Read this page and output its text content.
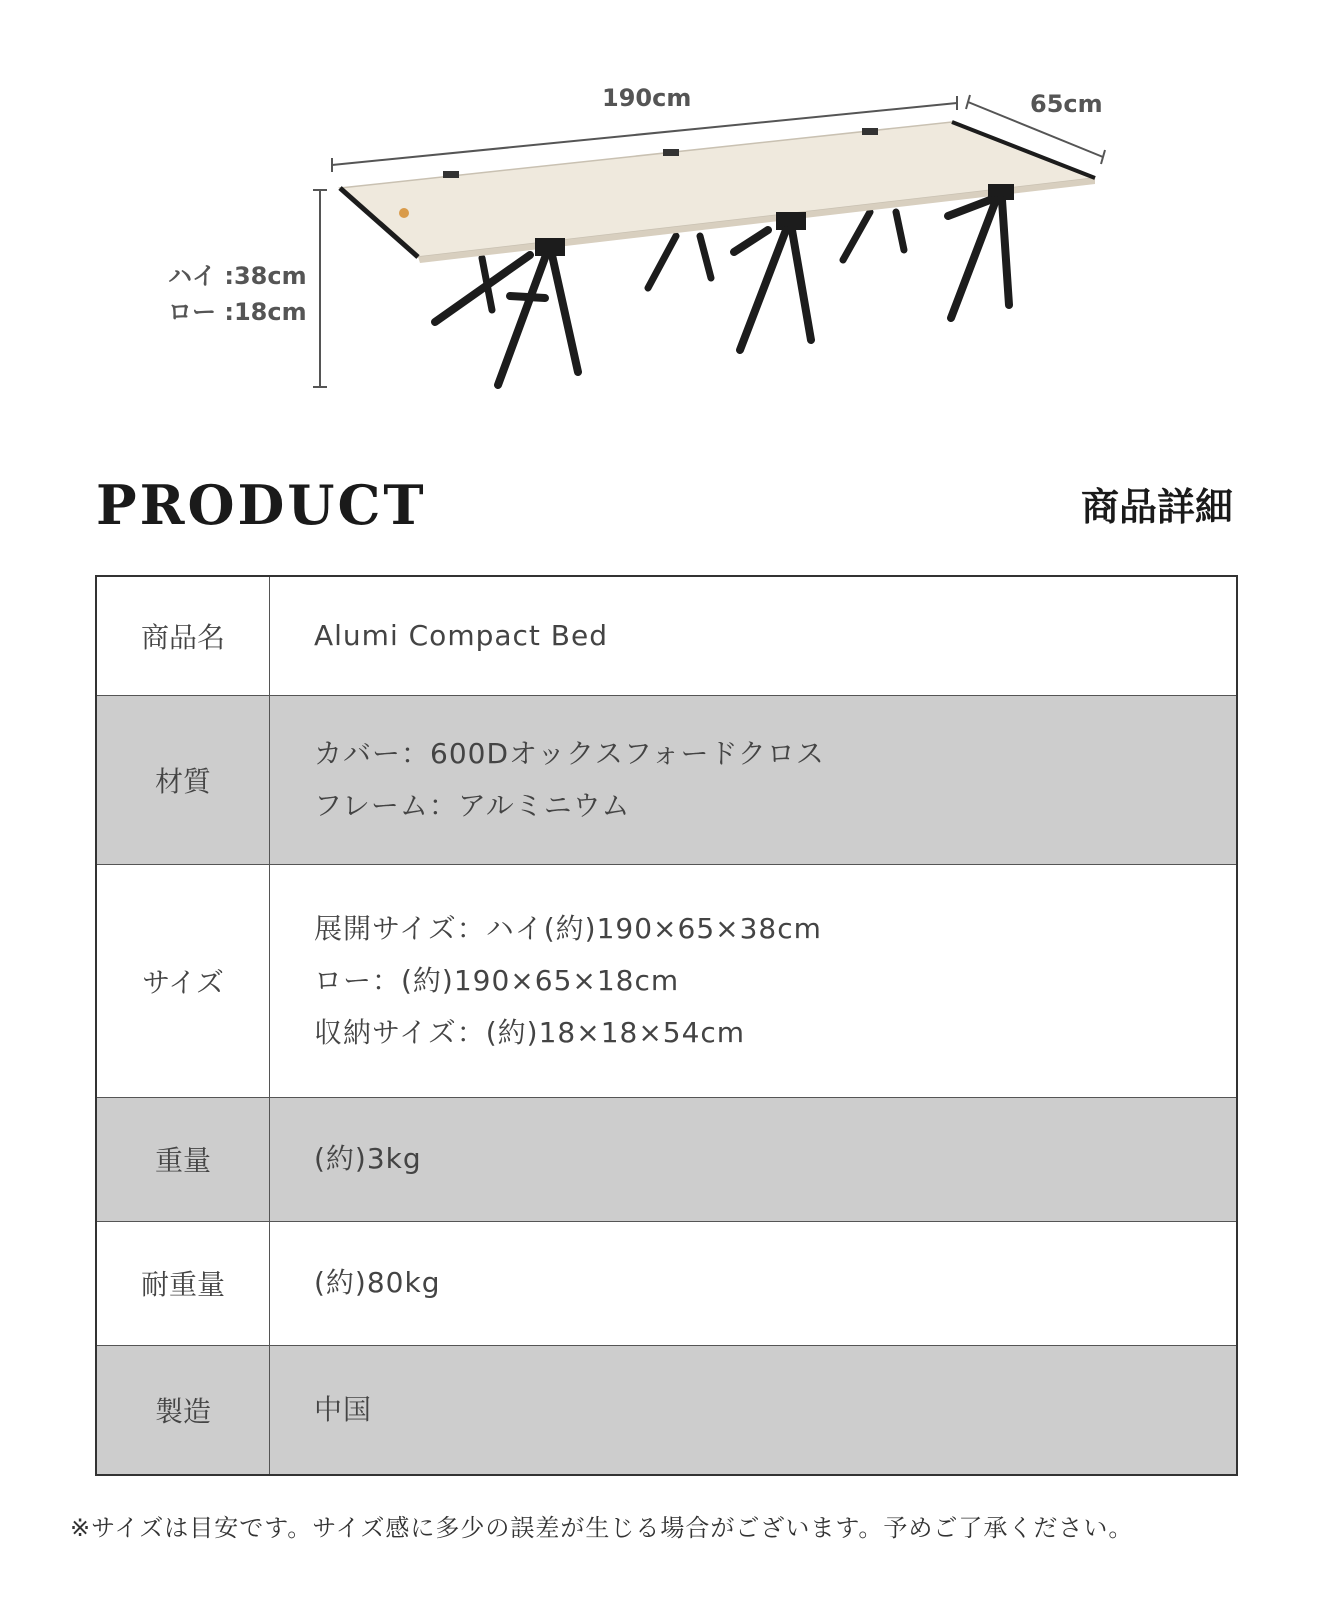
190cm	65cm
ハイ :38cm
ロー :18cm
PRODUCT	商品詳細
商品名	Alumi Compact Bed

材質	カバー：600Dオックスフォードクロス
フレーム：アルミニウム

サイズ	展開サイズ：ハイ(約)190×65×38cm
ロー：(約)190×65×18cm
収納サイズ：(約)18×18×54cm

重量	(約)3kg

耐重量	(約)80kg

製造	中国
※サイズは目安です。サイズ感に多少の誤差が生じる場合がございます。予めご了承ください。
